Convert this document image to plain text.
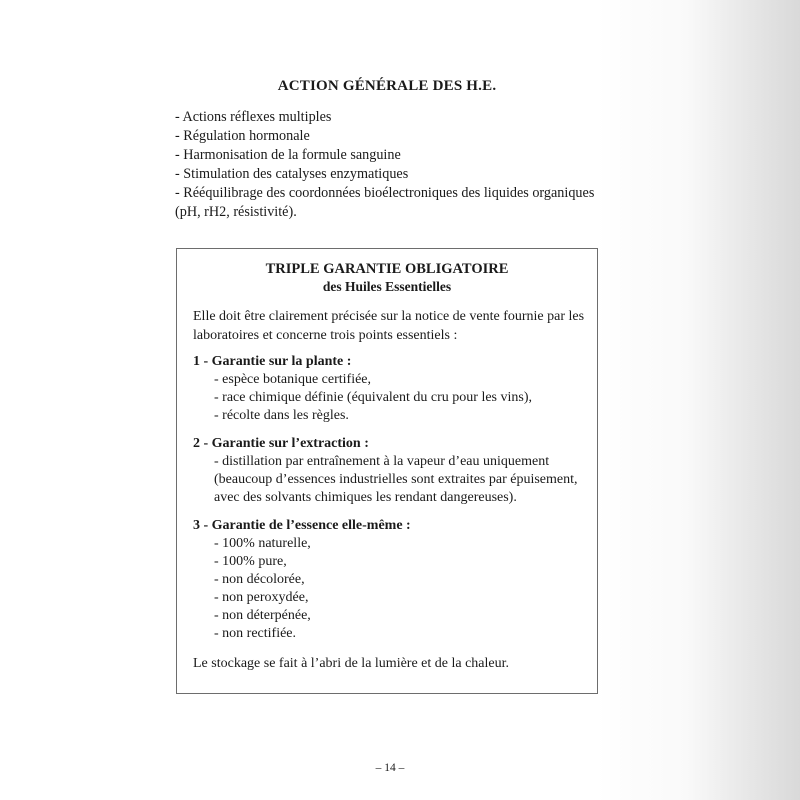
ACTION GÉNÉRALE DES H.E.
- Actions réflexes multiples
- Régulation hormonale
- Harmonisation de la formule sanguine
- Stimulation des catalyses enzymatiques
- Rééquilibrage des coordonnées bioélectroniques des liquides organiques
(pH, rH2, résistivité).
TRIPLE GARANTIE OBLIGATOIRE
des Huiles Essentielles
Elle doit être clairement précisée sur la notice de vente fournie par les laboratoires et concerne trois points essentiels :
1 - Garantie sur la plante :
- espèce botanique certifiée,
- race chimique définie (équivalent du cru pour les vins),
- récolte dans les règles.
2 - Garantie sur l’extraction :
- distillation par entraînement à la vapeur d’eau uniquement
(beaucoup d’essences industrielles sont extraites par épuisement,
avec des solvants chimiques les rendant dangereuses).
3 - Garantie de l’essence elle-même :
- 100% naturelle,
- 100% pure,
- non décolorée,
- non peroxydée,
- non déterpénée,
- non rectifiée.
Le stockage se fait à l’abri de la lumière et de la chaleur.
– 14 –
